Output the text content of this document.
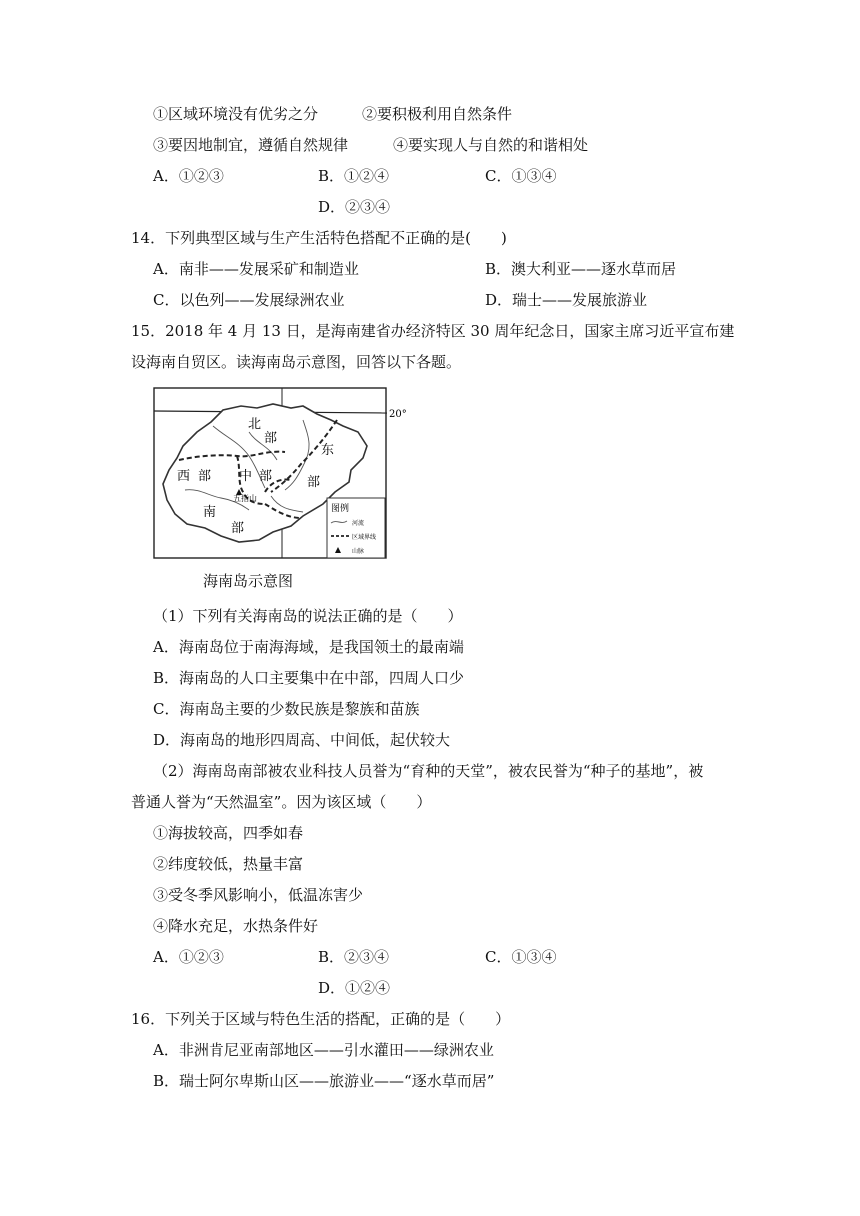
①区域环境没有优劣之分	②要积极利用自然条件
③要因地制宜，遵循自然规律	④要实现人与自然的和谐相处
A．①②③	B．①②④	C．①③④
D．②③④
14．下列典型区域与生产生活特色搭配不正确的是(　　)
A．南非——发展采矿和制造业	B．澳大利亚——逐水草而居
C．以色列——发展绿洲农业	D．瑞士——发展旅游业
15．2018 年 4 月 13 日，是海南建省办经济特区 30 周年纪念日，国家主席习近平宣布建
设海南自贸区。读海南岛示意图，回答以下各题。
20°
北
部
东
部
西 部 中 部
南
部
五指山
图例
河流
区域界线
山脉
海南岛示意图
（1）下列有关海南岛的说法正确的是（　　）
A．海南岛位于南海海域，是我国领土的最南端
B．海南岛的人口主要集中在中部，四周人口少
C．海南岛主要的少数民族是黎族和苗族
D．海南岛的地形四周高、中间低，起伏较大
（2）海南岛南部被农业科技人员誉为“育种的天堂”，被农民誉为“种子的基地”，被
普通人誉为“天然温室”。因为该区域（　　）
①海拔较高，四季如春
②纬度较低，热量丰富
③受冬季风影响小，低温冻害少
④降水充足，水热条件好
A．①②③	B．②③④	C．①③④
D．①②④
16．下列关于区域与特色生活的搭配，正确的是（　　）
A．非洲肯尼亚南部地区——引水灌田——绿洲农业
B．瑞士阿尔卑斯山区——旅游业——“逐水草而居”
